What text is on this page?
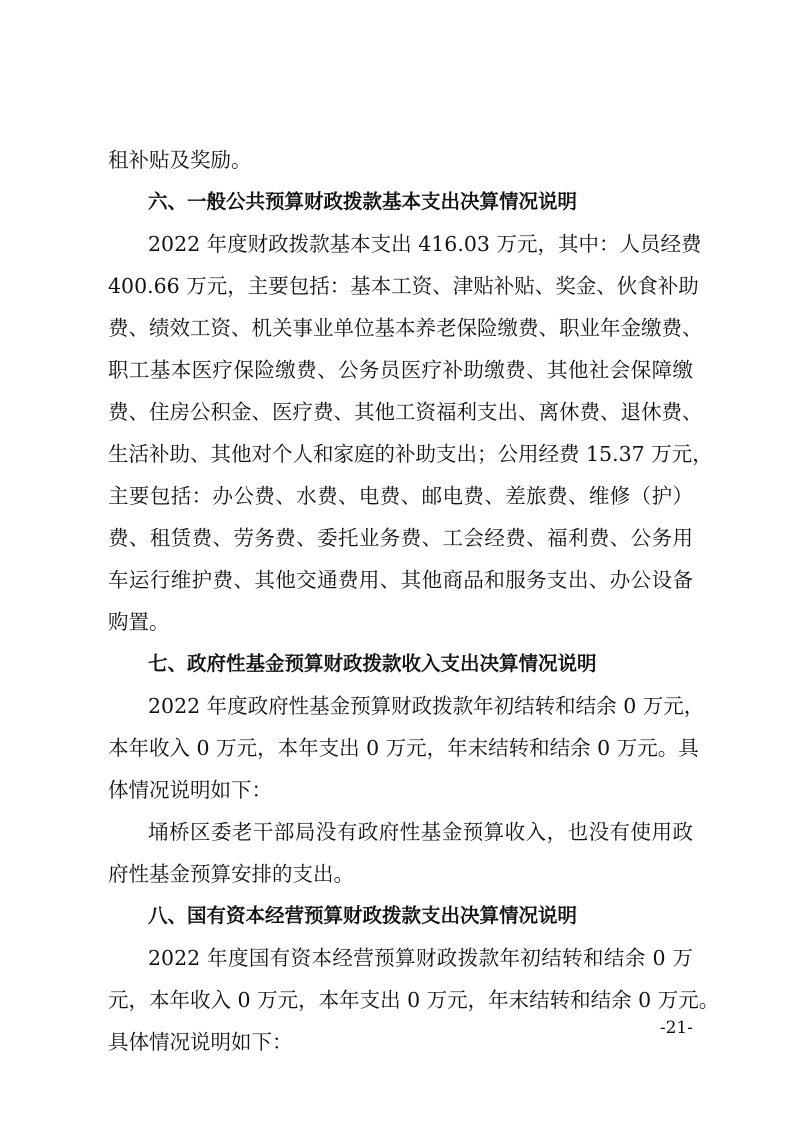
租补贴及奖励。
六、一般公共预算财政拨款基本支出决算情况说明
2022 年度财政拨款基本支出 416.03 万元，其中：人员经费
400.66 万元，主要包括：基本工资、津贴补贴、奖金、伙食补助
费、绩效工资、机关事业单位基本养老保险缴费、职业年金缴费、
职工基本医疗保险缴费、公务员医疗补助缴费、其他社会保障缴
费、住房公积金、医疗费、其他工资福利支出、离休费、退休费、
生活补助、其他对个人和家庭的补助支出；公用经费 15.37 万元，
主要包括：办公费、水费、电费、邮电费、差旅费、维修（护）
费、租赁费、劳务费、委托业务费、工会经费、福利费、公务用
车运行维护费、其他交通费用、其他商品和服务支出、办公设备
购置。
七、政府性基金预算财政拨款收入支出决算情况说明
2022 年度政府性基金预算财政拨款年初结转和结余 0 万元，
本年收入 0 万元，本年支出 0 万元，年末结转和结余 0 万元。具
体情况说明如下：
埇桥区委老干部局没有政府性基金预算收入，也没有使用政
府性基金预算安排的支出。
八、国有资本经营预算财政拨款支出决算情况说明
2022 年度国有资本经营预算财政拨款年初结转和结余 0 万
元，本年收入 0 万元，本年支出 0 万元，年末结转和结余 0 万元。
具体情况说明如下：
-21-
